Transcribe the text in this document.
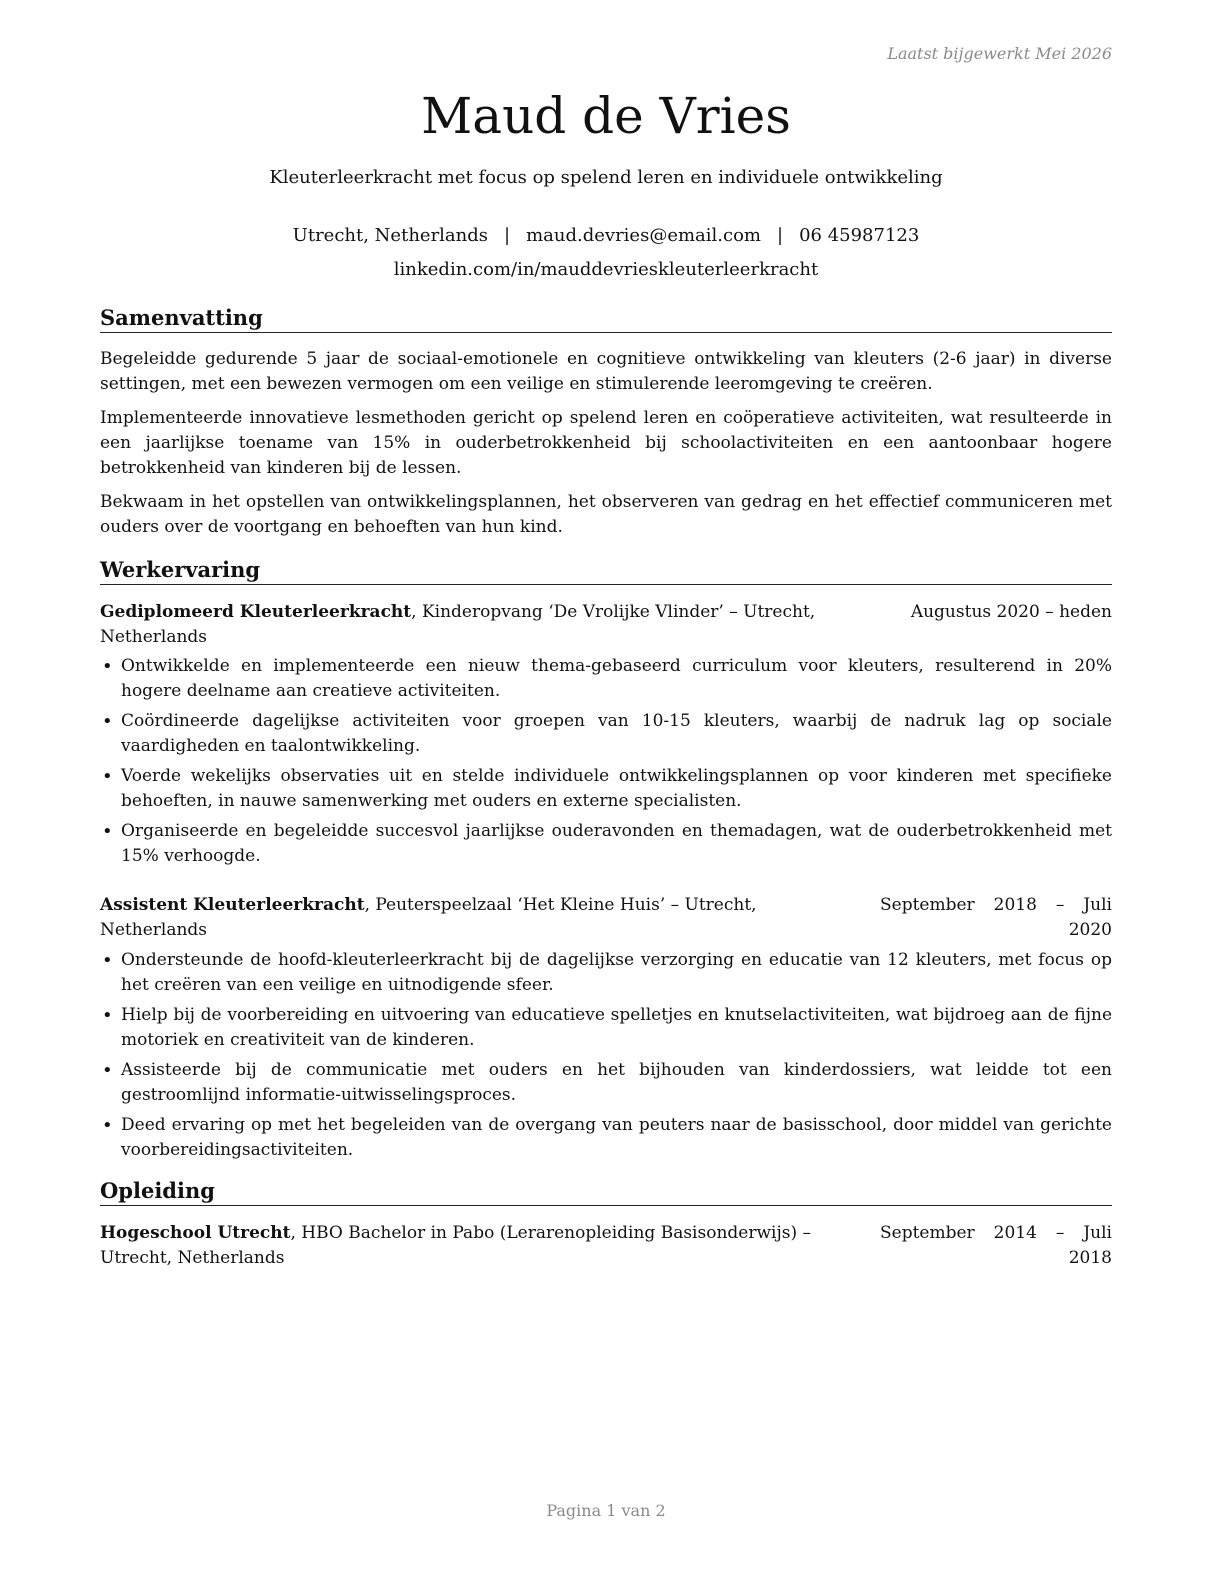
Laatst bijgewerkt Mei 2026
Maud de Vries
Kleuterleerkracht met focus op spelend leren en individuele ontwikkeling
Utrecht, Netherlands | maud.devries@email.com | 06 45987123
linkedin.com/in/mauddevrieskleuterleerkracht
Samenvatting

Begeleidde gedurende 5 jaar de sociaal-emotionele en cognitieve ontwikkeling van kleuters (2-6 jaar) in diverse settingen, met een bewezen vermogen om een veilige en stimulerende leeromgeving te creëren.

Implementeerde innovatieve lesmethoden gericht op spelend leren en coöperatieve activiteiten, wat resulteerde in een jaarlijkse toename van 15% in ouderbetrokkenheid bij schoolactiviteiten en een aantoonbaar hogere betrokkenheid van kinderen bij de lessen.

Bekwaam in het opstellen van ontwikkelingsplannen, het observeren van gedrag en het effectief communiceren met ouders over de voortgang en behoeften van hun kind.

Werkervaring
Gediplomeerd Kleuterleerkracht, Kinderopvang ‘De Vrolijke Vlinder’ – Utrecht, Netherlands
Augustus 2020 – heden
• Ontwikkelde en implementeerde een nieuw thema-gebaseerd curriculum voor kleuters, resulterend in 20% hogere deelname aan creatieve activiteiten.
• Coördineerde dagelijkse activiteiten voor groepen van 10-15 kleuters, waarbij de nadruk lag op sociale vaardigheden en taalontwikkeling.
• Voerde wekelijks observaties uit en stelde individuele ontwikkelingsplannen op voor kinderen met specifieke behoeften, in nauwe samenwerking met ouders en externe specialisten.
• Organiseerde en begeleidde succesvol jaarlijkse ouderavonden en themadagen, wat de ouderbetrokkenheid met 15% verhoogde.
Assistent Kleuterleerkracht, Peuterspeelzaal ‘Het Kleine Huis’ – Utrecht, Netherlands
September 2018 – Juli 2020
• Ondersteunde de hoofd-kleuterleerkracht bij de dagelijkse verzorging en educatie van 12 kleuters, met focus op het creëren van een veilige en uitnodigende sfeer.
• Hielp bij de voorbereiding en uitvoering van educatieve spelletjes en knutselactiviteiten, wat bijdroeg aan de fijne motoriek en creativiteit van de kinderen.
• Assisteerde bij de communicatie met ouders en het bijhouden van kinderdossiers, wat leidde tot een gestroomlijnd informatie-uitwisselingsproces.
• Deed ervaring op met het begeleiden van de overgang van peuters naar de basisschool, door middel van gerichte voorbereidingsactiviteiten.
Opleiding
Hogeschool Utrecht, HBO Bachelor in Pabo (Lerarenopleiding Basisonderwijs) – Utrecht, Netherlands
September 2014 – Juli 2018
Pagina 1 van 2
